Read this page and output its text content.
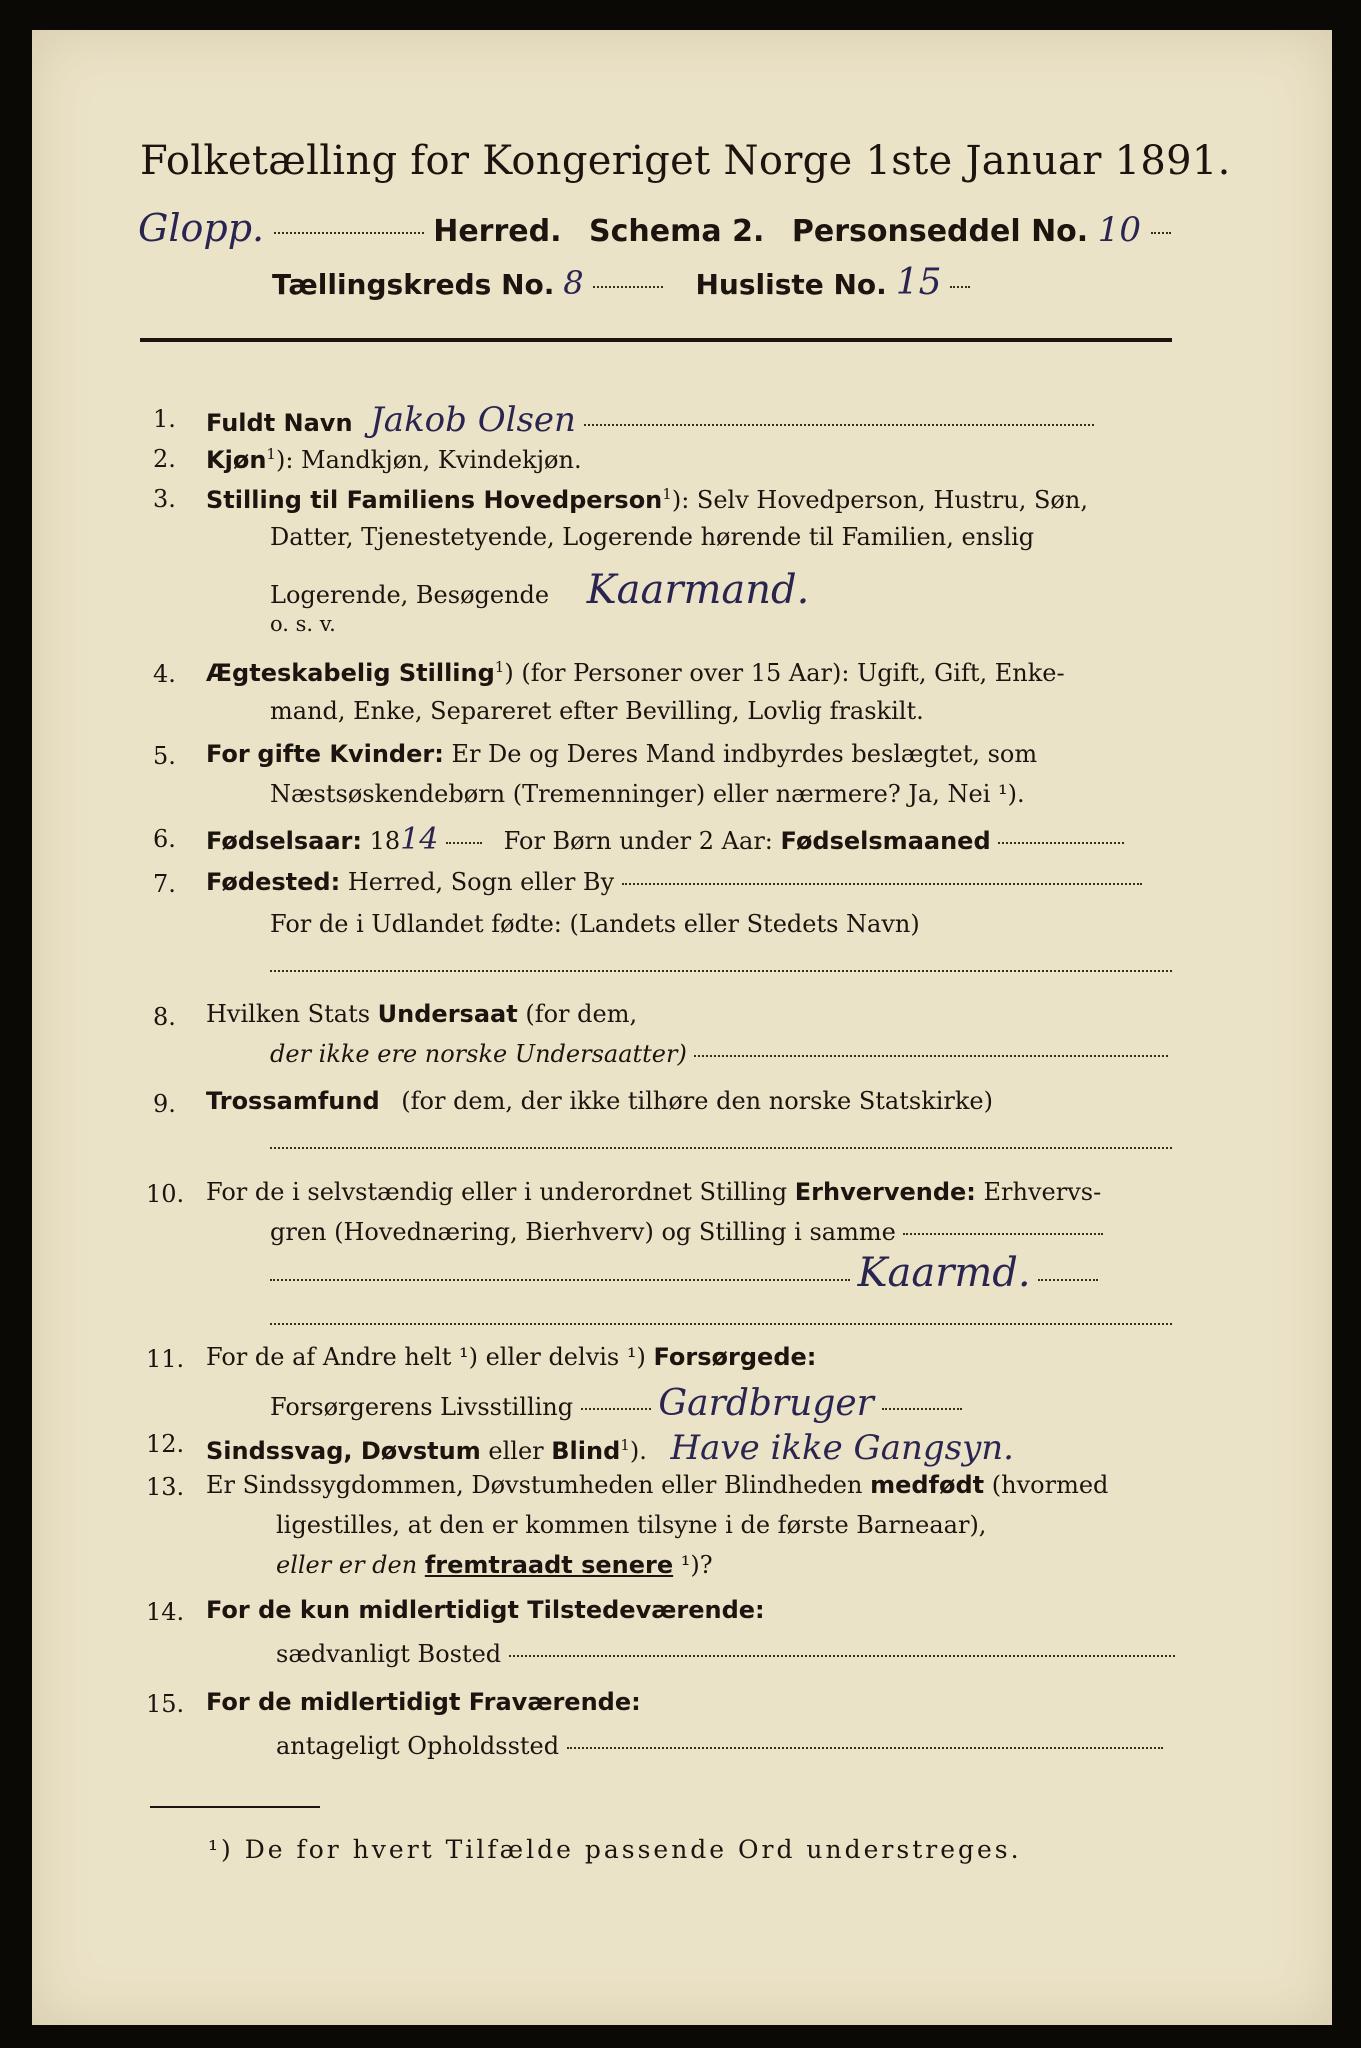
Folketælling for Kongeriget Norge 1ste Januar 1891.
Glopp.	Herred. Schema 2. Personseddel No. 10
Tællingskreds No. 8	Husliste No. 15
1. Fuldt Navn Jakob Olsen
2. Kjøn$^1$): Mandkjøn, Kvindekjøn.
3. Stilling til Familiens Hovedperson$^1$): Selv Hovedperson, Hustru, Søn,
Datter, Tjenestetyende, Logerende hørende til Familien, enslig
Logerende, Besøgende Kaarmand.
o. s. v.
4. Ægteskabelig Stilling$^1$) (for Personer over 15 Aar): Ugift, Gift, Enke-
mand, Enke, Separeret efter Bevilling, Lovlig fraskilt.
5. For gifte Kvinder: Er De og Deres Mand indbyrdes beslægtet, som
Næstsøskendebørn (Tremenninger) eller nærmere? Ja, Nei ¹).
6. Fødselsaar: 1814	For Børn under 2 Aar: Fødselsmaaned
7. Fødested: Herred, Sogn eller By
For de i Udlandet fødte: (Landets eller Stedets Navn)
8. Hvilken Stats Undersaat (for dem,
der ikke ere norske Undersaatter)
9. Trossamfund (for dem, der ikke tilhøre den norske Statskirke)
10. For de i selvstændig eller i underordnet Stilling Erhvervende: Erhvervs-
gren (Hovednæring, Bierhverv) og Stilling i samme
Kaarmd.
11. For de af Andre helt ¹) eller delvis ¹) Forsørgede:
Forsørgerens Livsstilling Gardbruger
12. Sindssvag, Døvstum eller Blind$^1$). Have ikke Gangsyn.
13. Er Sindssygdommen, Døvstumheden eller Blindheden medfødt (hvormed
ligestilles, at den er kommen tilsyne i de første Barneaar),
eller er den fremtraadt senere ¹)?
14. For de kun midlertidigt Tilstedeværende:
sædvanligt Bosted
15. For de midlertidigt Fraværende:
antageligt Opholdssted
¹) De for hvert Tilfælde passende Ord understreges.
